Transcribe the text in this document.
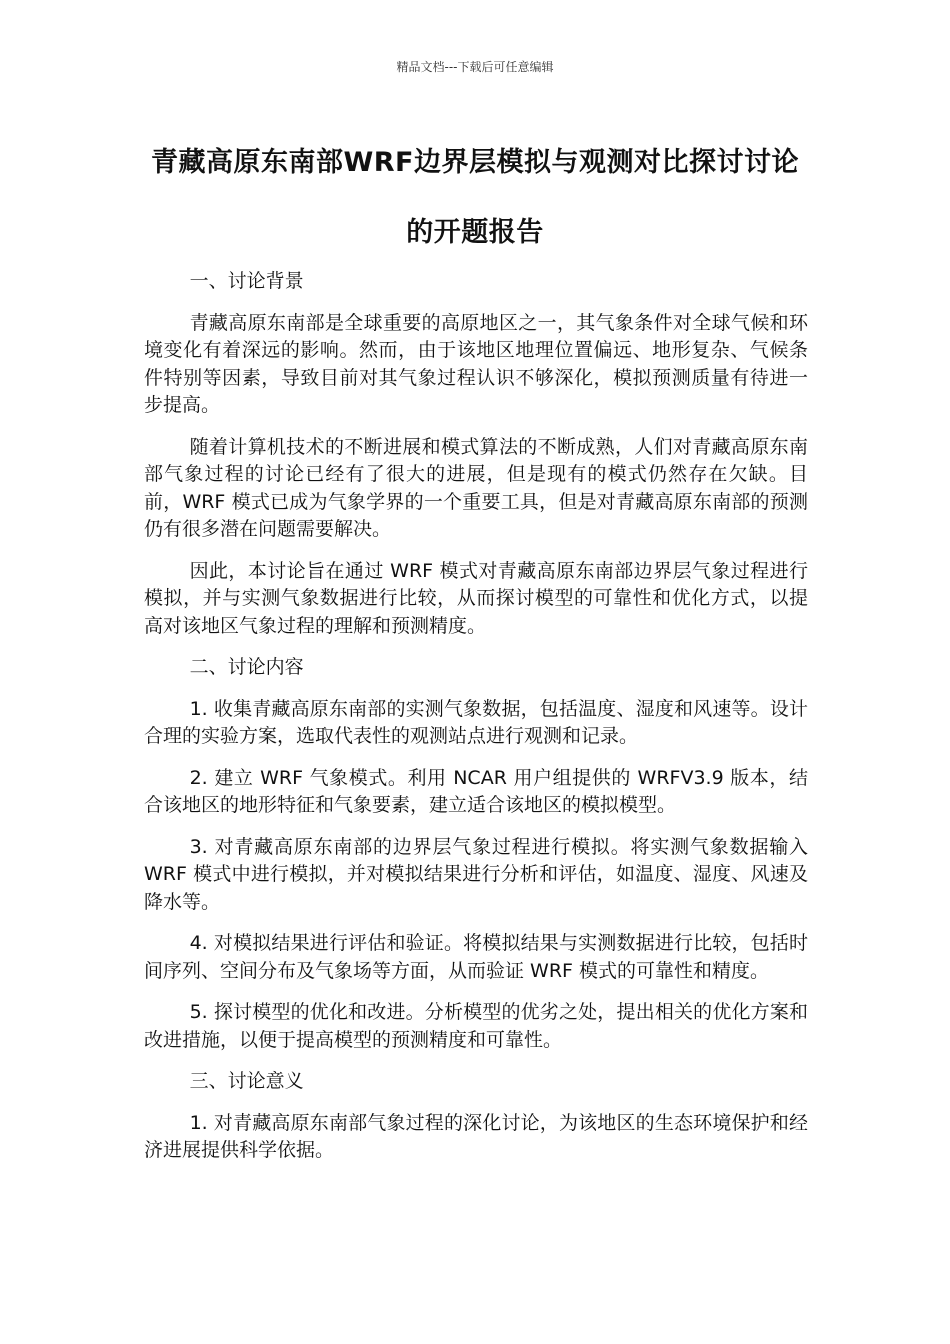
精品文档---下载后可任意编辑
青藏高原东南部WRF边界层模拟与观测对比探讨讨论的开题报告

一、讨论背景

青藏高原东南部是全球重要的高原地区之一，其气象条件对全球气候和环境变化有着深远的影响。然而，由于该地区地理位置偏远、地形复杂、气候条件特别等因素，导致目前对其气象过程认识不够深化，模拟预测质量有待进一步提高。

随着计算机技术的不断进展和模式算法的不断成熟，人们对青藏高原东南部气象过程的讨论已经有了很大的进展，但是现有的模式仍然存在欠缺。目前，WRF 模式已成为气象学界的一个重要工具，但是对青藏高原东南部的预测仍有很多潜在问题需要解决。

因此，本讨论旨在通过 WRF 模式对青藏高原东南部边界层气象过程进行模拟，并与实测气象数据进行比较，从而探讨模型的可靠性和优化方式，以提高对该地区气象过程的理解和预测精度。

二、讨论内容

1. 收集青藏高原东南部的实测气象数据，包括温度、湿度和风速等。设计合理的实验方案，选取代表性的观测站点进行观测和记录。

2. 建立 WRF 气象模式。利用 NCAR 用户组提供的 WRFV3.9 版本，结合该地区的地形特征和气象要素，建立适合该地区的模拟模型。

3. 对青藏高原东南部的边界层气象过程进行模拟。将实测气象数据输入 WRF 模式中进行模拟，并对模拟结果进行分析和评估，如温度、湿度、风速及降水等。

4. 对模拟结果进行评估和验证。将模拟结果与实测数据进行比较，包括时间序列、空间分布及气象场等方面，从而验证 WRF 模式的可靠性和精度。

5. 探讨模型的优化和改进。分析模型的优劣之处，提出相关的优化方案和改进措施，以便于提高模型的预测精度和可靠性。

三、讨论意义

1. 对青藏高原东南部气象过程的深化讨论，为该地区的生态环境保护和经济进展提供科学依据。
